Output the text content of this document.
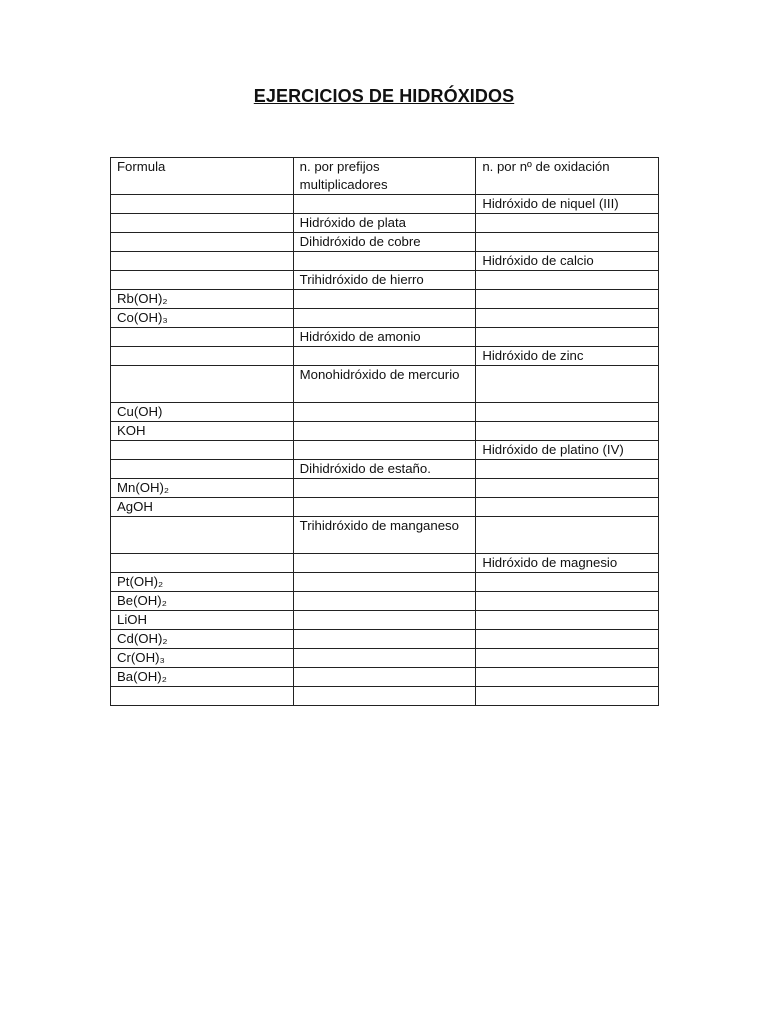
EJERCICIOS DE HIDRÓXIDOS
Formula	n. por prefijos multiplicadores	n. por nº de oxidación
		Hidróxido de niquel (III)
	Hidróxido de plata	
	Dihidróxido de cobre	
		Hidróxido de calcio
	Trihidróxido de hierro	
Rb(OH)₂		
Co(OH)₃		
	Hidróxido de amonio	
		Hidróxido de zinc
	Monohidróxido de mercurio	
Cu(OH)		
KOH		
		Hidróxido de platino (IV)
	Dihidróxido de estaño.	
Mn(OH)₂		
AgOH		
	Trihidróxido de manganeso	
		Hidróxido de magnesio
Pt(OH)₂		
Be(OH)₂		
LiOH		
Cd(OH)₂		
Cr(OH)₃		
Ba(OH)₂		
